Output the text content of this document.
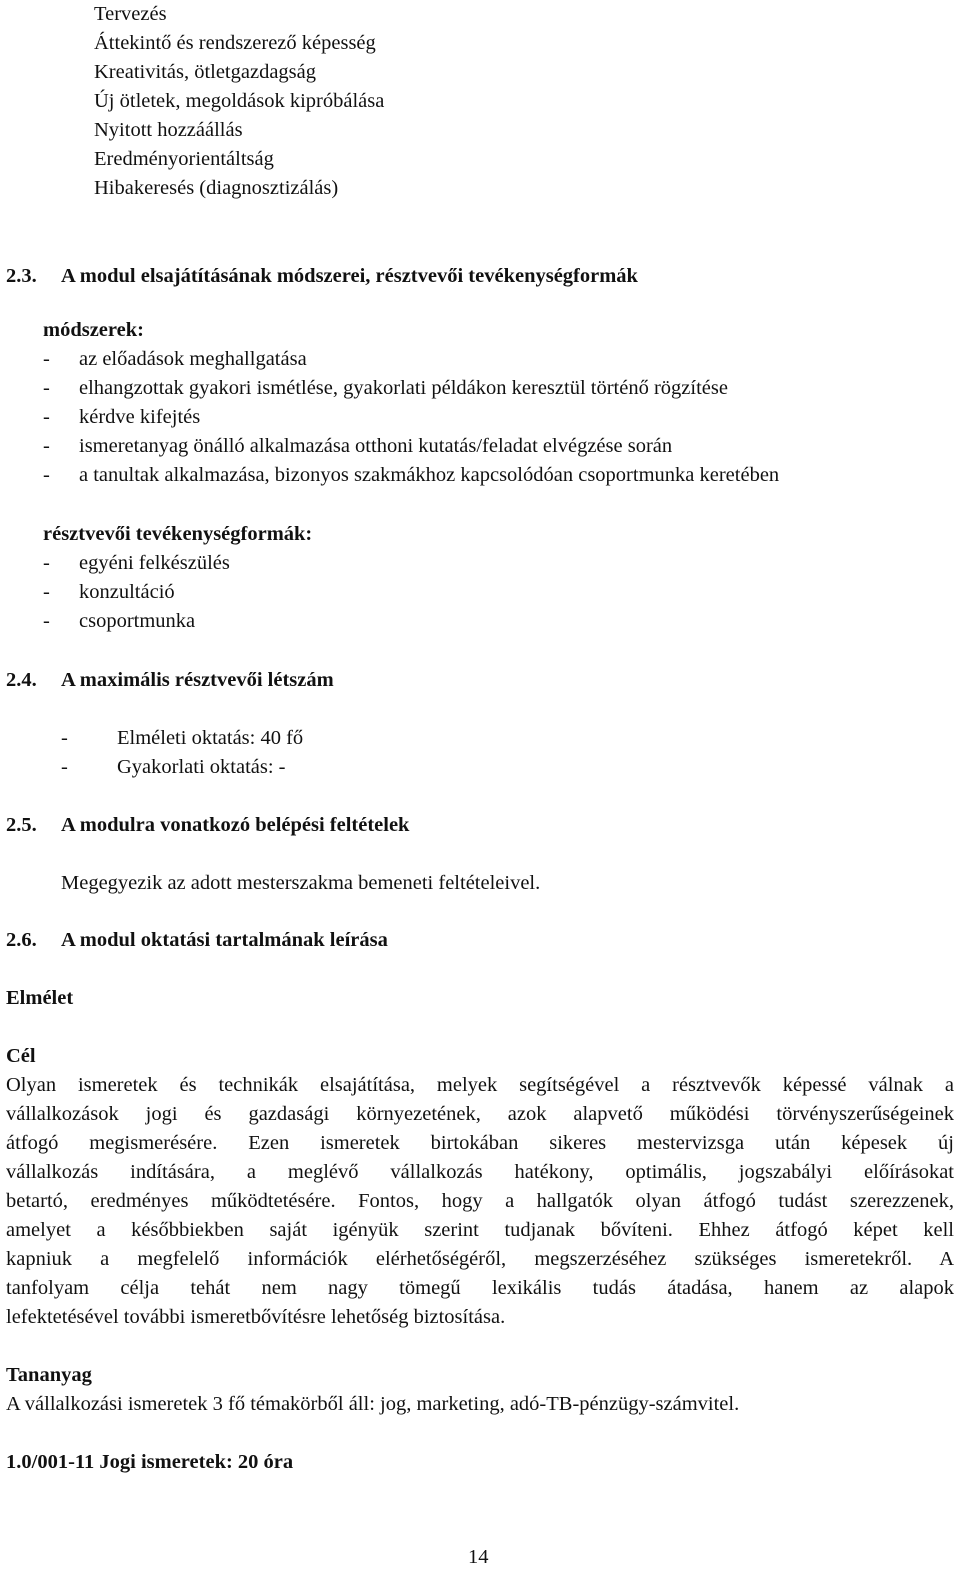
Tervezés
Áttekintő és rendszerező képesség
Kreativitás, ötletgazdagság
Új ötletek, megoldások kipróbálása
Nyitott hozzáállás
Eredményorientáltság
Hibakeresés (diagnosztizálás)
2.3. A modul elsajátításának módszerei, résztvevői tevékenységformák
módszerek:
- az előadások meghallgatása
- elhangzottak gyakori ismétlése, gyakorlati példákon keresztül történő rögzítése
- kérdve kifejtés
- ismeretanyag önálló alkalmazása otthoni kutatás/feladat elvégzése során
- a tanultak alkalmazása, bizonyos szakmákhoz kapcsolódóan csoportmunka keretében
résztvevői tevékenységformák:
- egyéni felkészülés
- konzultáció
- csoportmunka
2.4. A maximális résztvevői létszám
- Elméleti oktatás: 40 fő
- Gyakorlati oktatás: -
2.5. A modulra vonatkozó belépési feltételek
Megegyezik az adott mesterszakma bemeneti feltételeivel.
2.6. A modul oktatási tartalmának leírása
Elmélet
Cél
Olyan ismeretek és technikák elsajátítása, melyek segítségével a résztvevők képessé válnak a
vállalkozások jogi és gazdasági környezetének, azok alapvető működési törvényszerűségeinek
átfogó megismerésére. Ezen ismeretek birtokában sikeres mestervizsga után képesek új
vállalkozás indítására, a meglévő vállalkozás hatékony, optimális, jogszabályi előírásokat
betartó, eredményes működtetésére. Fontos, hogy a hallgatók olyan átfogó tudást szerezzenek,
amelyet a későbbiekben saját igényük szerint tudjanak bővíteni. Ehhez átfogó képet kell
kapniuk a megfelelő információk elérhetőségéről, megszerzéséhez szükséges ismeretekről. A
tanfolyam célja tehát nem nagy tömegű lexikális tudás átadása, hanem az alapok
lefektetésével további ismeretbővítésre lehetőség biztosítása.
Tananyag
A vállalkozási ismeretek 3 fő témakörből áll: jog, marketing, adó-TB-pénzügy-számvitel.
1.0/001-11 Jogi ismeretek: 20 óra
14
